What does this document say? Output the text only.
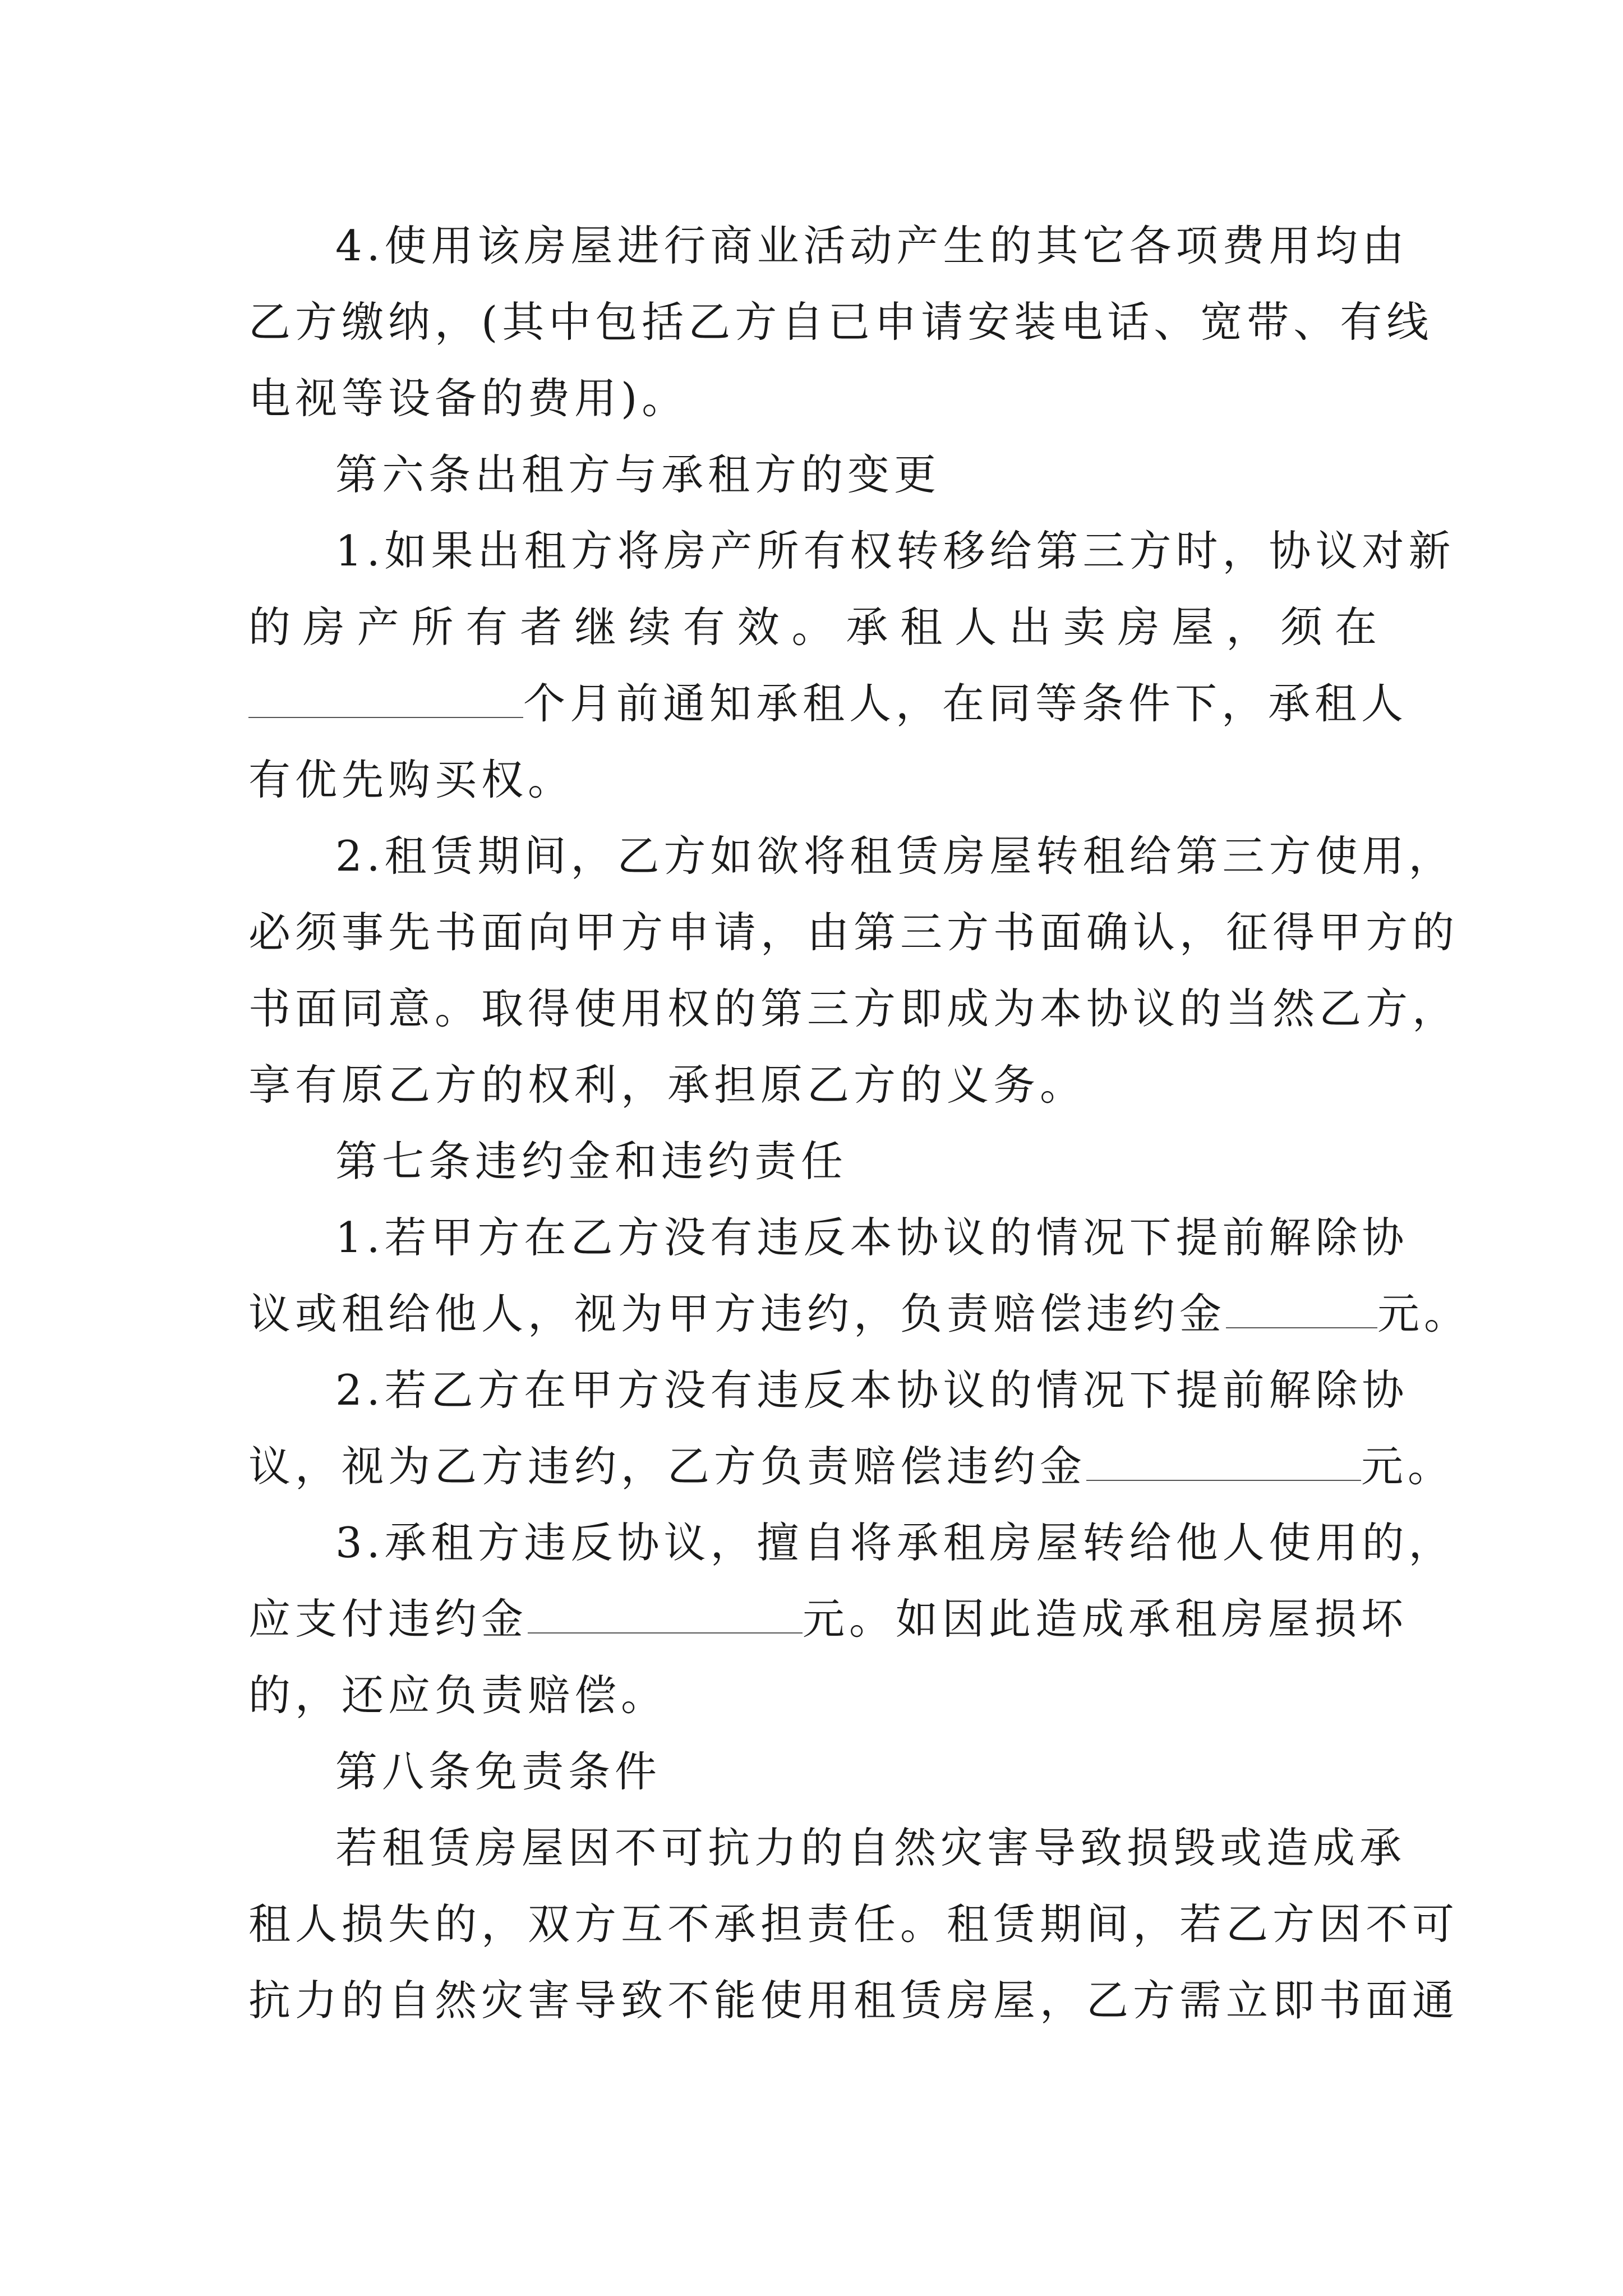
4.使用该房屋进行商业活动产生的其它各项费用均由
乙方缴纳，(其中包括乙方自已申请安装电话、宽带、有线
电视等设备的费用)。
第六条出租方与承租方的变更
1.如果出租方将房产所有权转移给第三方时，协议对新
的房产所有者继续有效。承租人出卖房屋，须在
个月前通知承租人，在同等条件下，承租人
有优先购买权。
2.租赁期间，乙方如欲将租赁房屋转租给第三方使用，
必须事先书面向甲方申请，由第三方书面确认，征得甲方的
书面同意。取得使用权的第三方即成为本协议的当然乙方，
享有原乙方的权利，承担原乙方的义务。
第七条违约金和违约责任
1.若甲方在乙方没有违反本协议的情况下提前解除协
议或租给他人，视为甲方违约，负责赔偿违约金	元。
2.若乙方在甲方没有违反本协议的情况下提前解除协
议，视为乙方违约，乙方负责赔偿违约金	元。
3.承租方违反协议，擅自将承租房屋转给他人使用的，
应支付违约金	元。如因此造成承租房屋损坏
的，还应负责赔偿。
第八条免责条件
若租赁房屋因不可抗力的自然灾害导致损毁或造成承
租人损失的，双方互不承担责任。租赁期间，若乙方因不可
抗力的自然灾害导致不能使用租赁房屋，乙方需立即书面通
